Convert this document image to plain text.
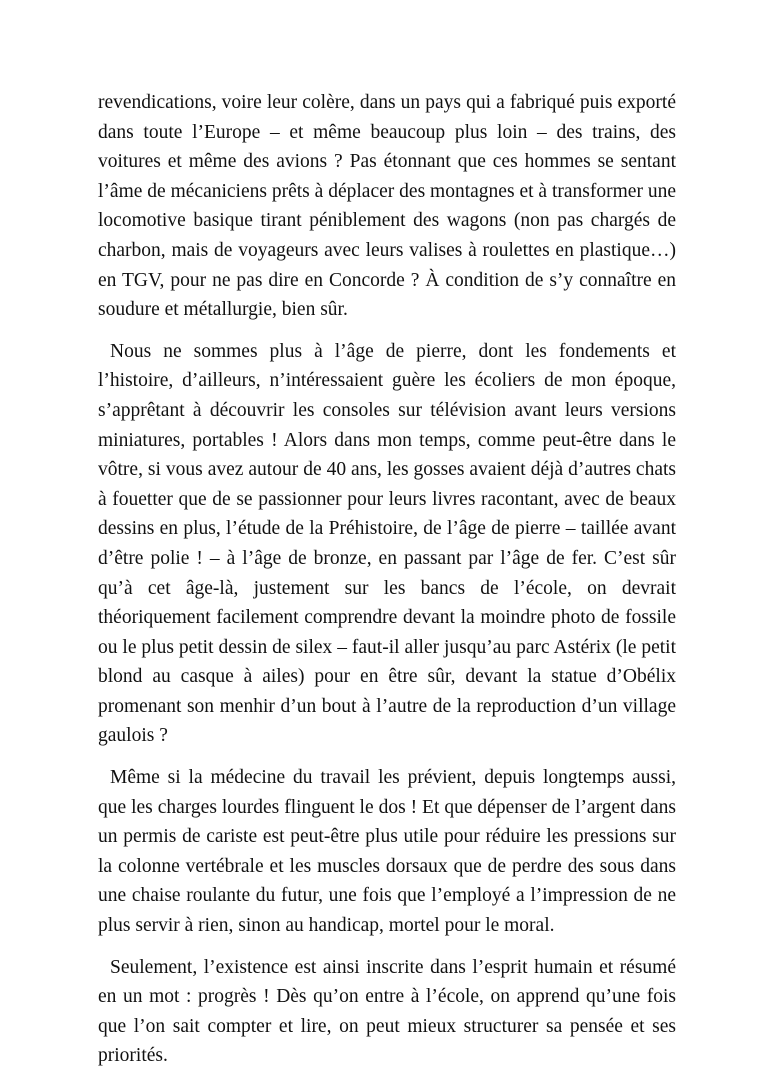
revendications, voire leur colère, dans un pays qui a fabriqué puis exporté dans toute l’Europe – et même beaucoup plus loin – des trains, des voitures et même des avions ? Pas étonnant que ces hommes se sentant l’âme de mécaniciens prêts à déplacer des montagnes et à transformer une locomotive basique tirant péniblement des wagons (non pas chargés de charbon, mais de voyageurs avec leurs valises à roulettes en plastique…) en TGV, pour ne pas dire en Concorde ? À condition de s’y connaître en soudure et métallurgie, bien sûr.

Nous ne sommes plus à l’âge de pierre, dont les fondements et l’histoire, d’ailleurs, n’intéressaient guère les écoliers de mon époque, s’apprêtant à découvrir les consoles sur télévision avant leurs versions miniatures, portables ! Alors dans mon temps, comme peut-être dans le vôtre, si vous avez autour de 40 ans, les gosses avaient déjà d’autres chats à fouetter que de se passionner pour leurs livres racontant, avec de beaux dessins en plus, l’étude de la Préhistoire, de l’âge de pierre – taillée avant d’être polie ! – à l’âge de bronze, en passant par l’âge de fer. C’est sûr qu’à cet âge-là, justement sur les bancs de l’école, on devrait théoriquement facilement comprendre devant la moindre photo de fossile ou le plus petit dessin de silex – faut-il aller jusqu’au parc Astérix (le petit blond au casque à ailes) pour en être sûr, devant la statue d’Obélix promenant son menhir d’un bout à l’autre de la reproduction d’un village gaulois ?

Même si la médecine du travail les prévient, depuis longtemps aussi, que les charges lourdes flinguent le dos ! Et que dépenser de l’argent dans un permis de cariste est peut-être plus utile pour réduire les pressions sur la colonne vertébrale et les muscles dorsaux que de perdre des sous dans une chaise roulante du futur, une fois que l’employé a l’impression de ne plus servir à rien, sinon au handicap, mortel pour le moral.

Seulement, l’existence est ainsi inscrite dans l’esprit humain et résumé en un mot : progrès ! Dès qu’on entre à l’école, on apprend qu’une fois que l’on sait compter et lire, on peut mieux structurer sa pensée et ses priorités.
